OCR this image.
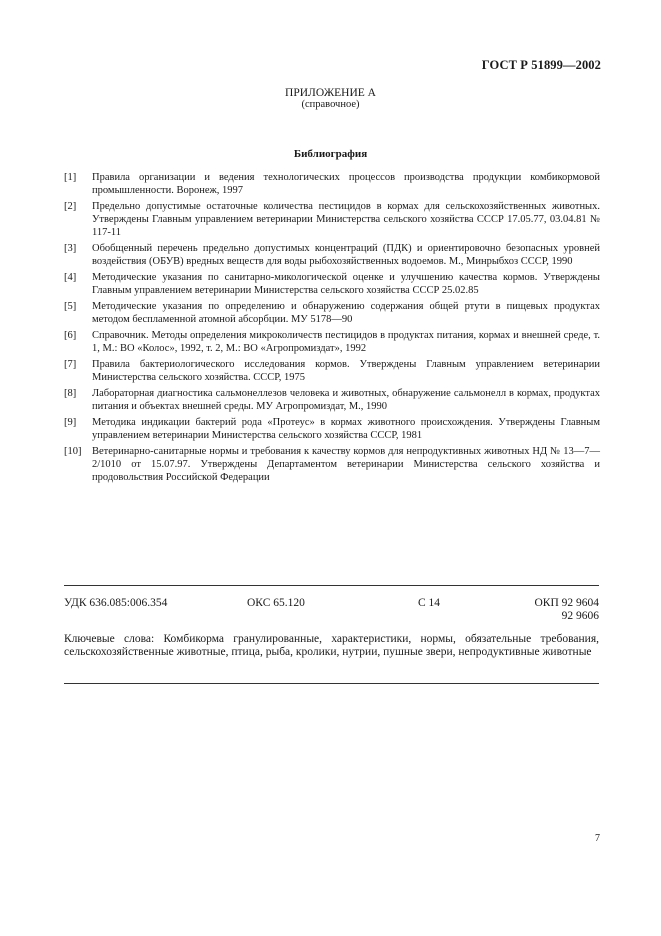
ГОСТ Р 51899—2002
ПРИЛОЖЕНИЕ А
(справочное)
Библиография
[1]	Правила организации и ведения технологических процессов производства продукции комбикормовой промышленности. Воронеж, 1997
[2]	Предельно допустимые остаточные количества пестицидов в кормах для сельскохозяйственных животных. Утверждены Главным управлением ветеринарии Министерства сельского хозяйства СССР 17.05.77, 03.04.81 № 117-11
[3]	Обобщенный перечень предельно допустимых концентраций (ПДК) и ориентировочно безопасных уровней воздействия (ОБУВ) вредных веществ для воды рыбохозяйственных водоемов. М., Минрыбхоз СССР, 1990
[4]	Методические указания по санитарно-микологической оценке и улучшению качества кормов. Утверждены Главным управлением ветеринарии Министерства сельского хозяйства СССР 25.02.85
[5]	Методические указания по определению и обнаружению содержания общей ртути в пищевых продуктах методом беспламенной атомной абсорбции. МУ 5178—90
[6]	Справочник. Методы определения микроколичеств пестицидов в продуктах питания, кормах и внешней среде, т. 1, М.: ВО «Колос», 1992, т. 2, М.: ВО «Агропромиздат», 1992
[7]	Правила бактериологического исследования кормов. Утверждены Главным управлением ветеринарии Министерства сельского хозяйства. СССР, 1975
[8]	Лабораторная диагностика сальмонеллезов человека и животных, обнаружение сальмонелл в кормах, продуктах питания и объектах внешней среды. МУ Агропромиздат, М., 1990
[9]	Методика индикации бактерий рода «Протеус» в кормах животного происхождения. Утверждены Главным управлением ветеринарии Министерства сельского хозяйства СССР, 1981
[10]	Ветеринарно-санитарные нормы и требования к качеству кормов для непродуктивных животных НД № 13—7—2/1010 от 15.07.97. Утверждены Департаментом ветеринарии Министерства сельского хозяйства и продовольствия Российской Федерации
УДК 636.085:006.354	ОКС 65.120	С 14	ОКП 92 9604
92 9606
Ключевые слова: Комбикорма гранулированные, характеристики, нормы, обязательные требования, сельскохозяйственные животные, птица, рыба, кролики, нутрии, пушные звери, непродуктивные животные
7
